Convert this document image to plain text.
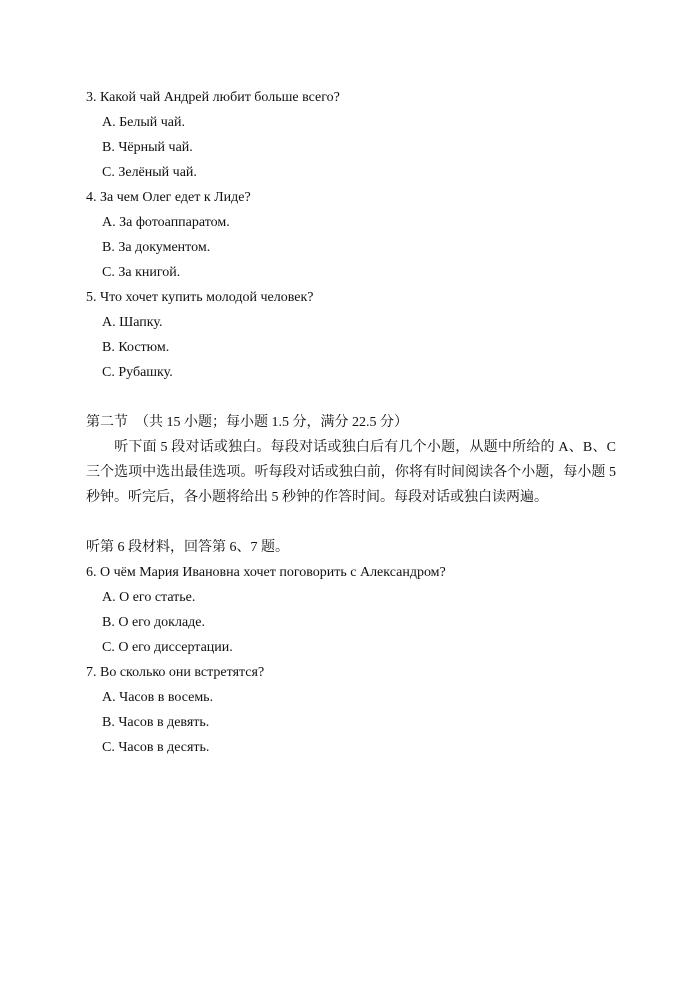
3. Какой чай Андрей любит больше всего?
A. Белый чай.
B. Чёрный чай.
C. Зелёный чай.
4. За чем Олег едет к Лиде?
A. За фотоаппаратом.
B. За документом.
C. За книгой.
5. Что хочет купить молодой человек?
A. Шапку.
B. Костюм.
C. Рубашку.
第二节　（共 15 小题；每小题 1.5 分，满分 22.5 分）
听下面 5 段对话或独白。每段对话或独白后有几个小题，从题中所给的 A、B、C 三个选项中选出最佳选项。听每段对话或独白前，你将有时间阅读各个小题，每小题 5 秒钟。听完后，各小题将给出 5 秒钟的作答时间。每段对话或独白读两遍。
听第 6 段材料，回答第 6、7 题。
6. О чём Мария Ивановна хочет поговорить с Александром?
A. О его статье.
B. О его докладе.
C. О его диссертации.
7. Во сколько они встретятся?
A. Часов в восемь.
B. Часов в девять.
C. Часов в десять.
